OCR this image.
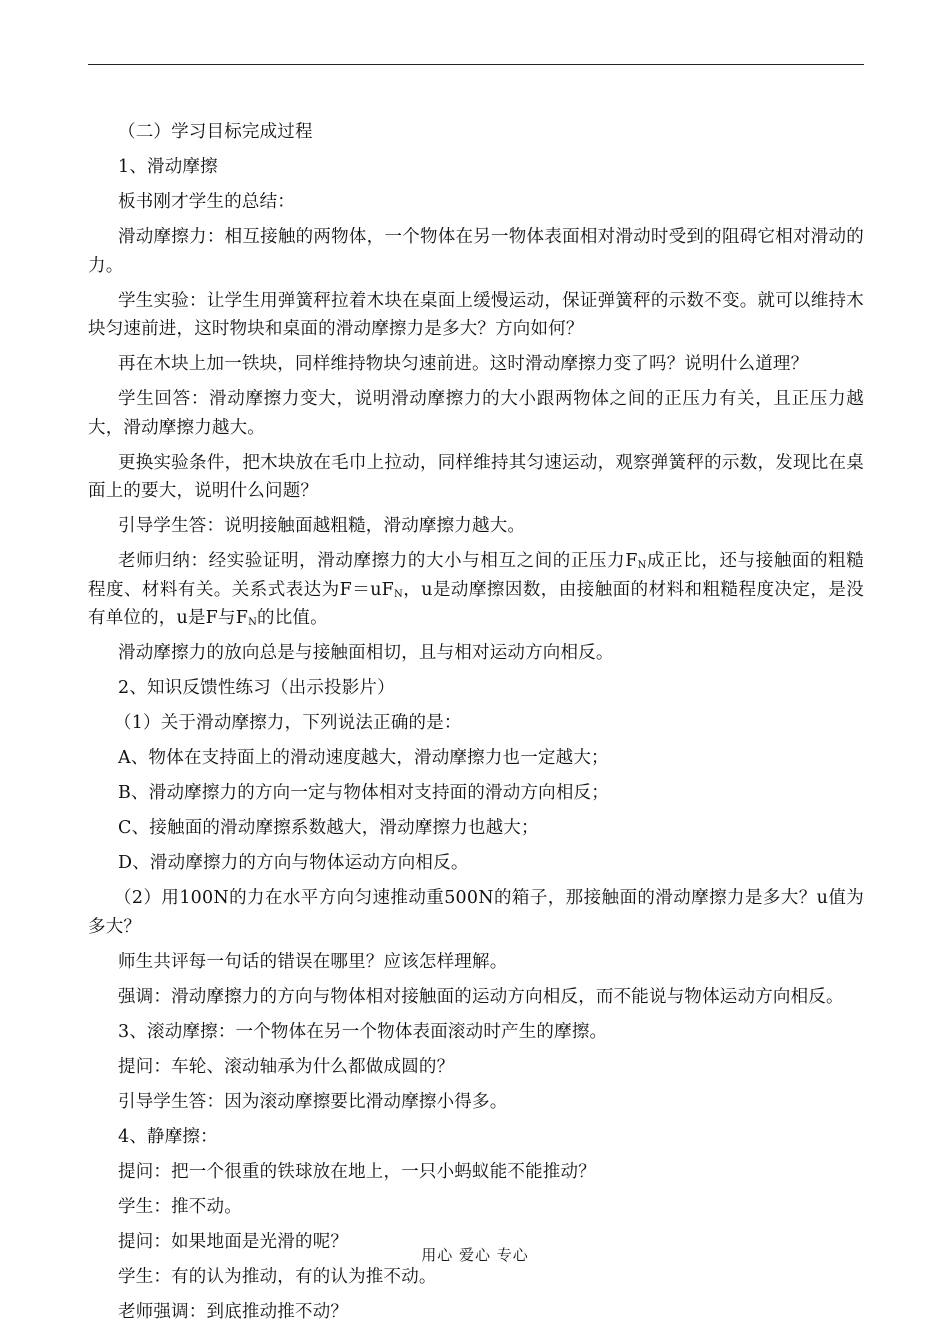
（二）学习目标完成过程

1、滑动摩擦

板书刚才学生的总结：

滑动摩擦力：相互接触的两物体，一个物体在另一物体表面相对滑动时受到的阻碍它相对滑动的力。

学生实验：让学生用弹簧秤拉着木块在桌面上缓慢运动，保证弹簧秤的示数不变。就可以维持木块匀速前进，这时物块和桌面的滑动摩擦力是多大？方向如何？

再在木块上加一铁块，同样维持物块匀速前进。这时滑动摩擦力变了吗？说明什么道理？

学生回答：滑动摩擦力变大，说明滑动摩擦力的大小跟两物体之间的正压力有关，且正压力越大，滑动摩擦力越大。

更换实验条件，把木块放在毛巾上拉动，同样维持其匀速运动，观察弹簧秤的示数，发现比在桌面上的要大，说明什么问题？

引导学生答：说明接触面越粗糙，滑动摩擦力越大。

老师归纳：经实验证明，滑动摩擦力的大小与相互之间的正压力$F_N$成正比，还与接触面的粗糙程度、材料有关。关系式表达为$F=uF_N$，u是动摩擦因数，由接触面的材料和粗糙程度决定，是没有单位的，u是F与$F_N$的比值。

滑动摩擦力的放向总是与接触面相切，且与相对运动方向相反。

2、知识反馈性练习（出示投影片）

（1）关于滑动摩擦力，下列说法正确的是：

A、物体在支持面上的滑动速度越大，滑动摩擦力也一定越大；

B、滑动摩擦力的方向一定与物体相对支持面的滑动方向相反；

C、接触面的滑动摩擦系数越大，滑动摩擦力也越大；

D、滑动摩擦力的方向与物体运动方向相反。

（2）用100N的力在水平方向匀速推动重500N的箱子，那接触面的滑动摩擦力是多大？u值为多大？

师生共评每一句话的错误在哪里？应该怎样理解。

强调：滑动摩擦力的方向与物体相对接触面的运动方向相反，而不能说与物体运动方向相反。

3、滚动摩擦：一个物体在另一个物体表面滚动时产生的摩擦。

提问：车轮、滚动轴承为什么都做成圆的？

引导学生答：因为滚动摩擦要比滑动摩擦小得多。

4、静摩擦：

提问：把一个很重的铁球放在地上，一只小蚂蚁能不能推动？

学生：推不动。

提问：如果地面是光滑的呢？

学生：有的认为推动，有的认为推不动。

老师强调：到底推动推不动？

用心 爱心 专心
